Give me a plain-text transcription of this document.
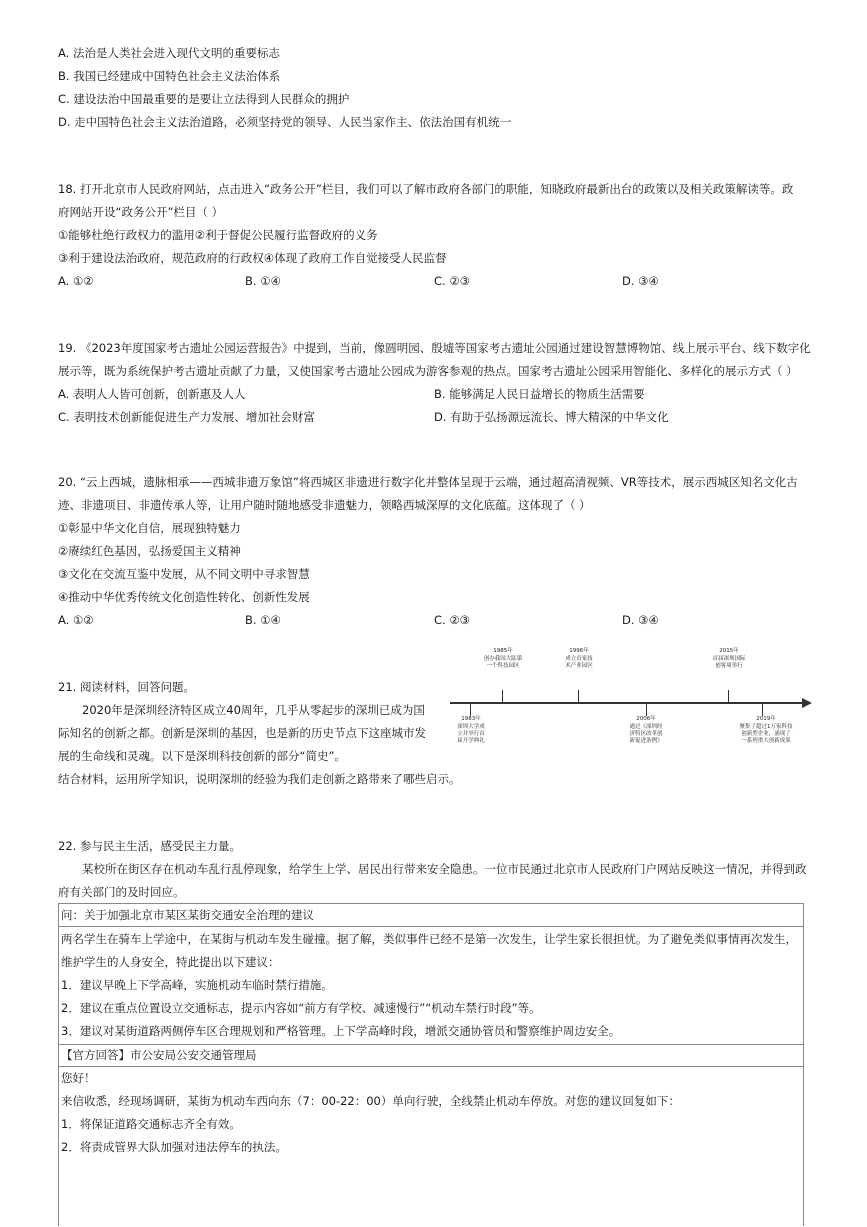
A. 法治是人类社会进入现代文明的重要标志
B. 我国已经建成中国特色社会主义法治体系
C. 建设法治中国最重要的是要让立法得到人民群众的拥护
D. 走中国特色社会主义法治道路，必须坚持党的领导、人民当家作主、依法治国有机统一
18. 打开北京市人民政府网站，点击进入“政务公开”栏目，我们可以了解市政府各部门的职能，知晓政府最新出台的政策以及相关政策解读等。政
府网站开设“政务公开”栏目（ ）
①能够杜绝行政权力的滥用②利于督促公民履行监督政府的义务
③利于建设法治政府，规范政府的行政权④体现了政府工作自觉接受人民监督
A. ①②	B. ①④	C. ②③	D. ③④
19. 《2023年度国家考古遗址公园运营报告》中提到，当前，像圆明园、殷墟等国家考古遗址公园通过建设智慧博物馆、线上展示平台、线下数字化
展示等，既为系统保护考古遗址贡献了力量，又使国家考古遗址公园成为游客参观的热点。国家考古遗址公园采用智能化、多样化的展示方式（ ）
A. 表明人人皆可创新，创新惠及人人	B. 能够满足人民日益增长的物质生活需要
C. 表明技术创新能促进生产力发展、增加社会财富	D. 有助于弘扬源远流长、博大精深的中华文化
20. “云上西城，遗脉相承——西城非遗万象馆”将西城区非遗进行数字化并整体呈现于云端，通过超高清视频、VR等技术，展示西城区知名文化古
迹、非遗项目、非遗传承人等，让用户随时随地感受非遗魅力，领略西城深厚的文化底蕴。这体现了（ ）
①彰显中华文化自信，展现独特魅力
②赓续红色基因，弘扬爱国主义精神
③文化在交流互鉴中发展，从不同文明中寻求智慧
④推动中华优秀传统文化创造性转化、创新性发展
A. ①②	B. ①④	C. ②③	D. ③④
21. 阅读材料，回答问题。
2020年是深圳经济特区成立40周年，几乎从零起步的深圳已成为国
际知名的创新之都。创新是深圳的基因，也是新的历史节点下这座城市发
展的生命线和灵魂。以下是深圳科技创新的部分“简史”。
结合材料，运用所学知识，说明深圳的经验为我们走创新之路带来了哪些启示。
1985年
创办我国大陆第
一个科技园区
1996年
成立首家技
术产业园区
2015年
首届深圳国际
创客周举行
1983年
深圳大学成
立并举行首
届开学典礼
2006年
通过《深圳经
济特区改革创
新促进条例》
2019年
聚集了超过1万家科技
创新型企业，涌现了
一系列重大创新成果
22. 参与民主生活，感受民主力量。
某校所在街区存在机动车乱行乱停现象，给学生上学、居民出行带来安全隐患。一位市民通过北京市人民政府门户网站反映这一情况，并得到政
府有关部门的及时回应。
问：关于加强北京市某区某街交通安全治理的建议
两名学生在骑车上学途中，在某街与机动车发生碰撞。据了解，类似事件已经不是第一次发生，让学生家长很担忧。为了避免类似事情再次发生，
维护学生的人身安全，特此提出以下建议：
1．建议早晚上下学高峰，实施机动车临时禁行措施。
2．建议在重点位置设立交通标志，提示内容如“前方有学校、减速慢行”“机动车禁行时段”等。
3．建议对某街道路两侧停车区合理规划和严格管理。上下学高峰时段，增派交通协管员和警察维护周边安全。
【官方回答】市公安局公安交通管理局
您好！
来信收悉，经现场调研，某街为机动车西向东（7：00-22：00）单向行驶，全线禁止机动车停放。对您的建议回复如下：
1．将保证道路交通标志齐全有效。
2．将责成管界大队加强对违法停车的执法。
